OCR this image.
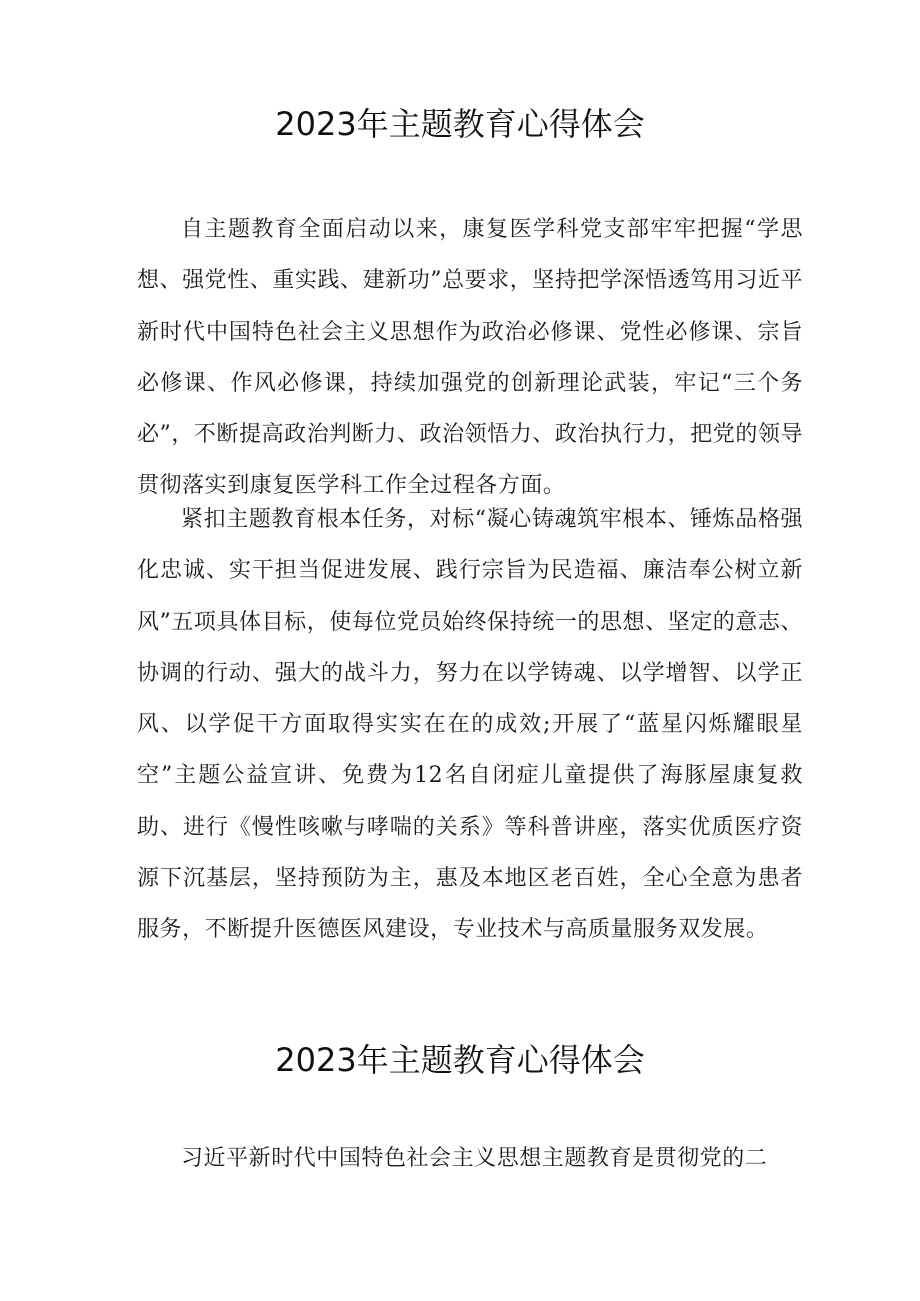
2023年主题教育心得体会

自主题教育全面启动以来，康复医学科党支部牢牢把握“学思想、强党性、重实践、建新功”总要求，坚持把学深悟透笃用习近平新时代中国特色社会主义思想作为政治必修课、党性必修课、宗旨必修课、作风必修课，持续加强党的创新理论武装，牢记“三个务必”，不断提高政治判断力、政治领悟力、政治执行力，把党的领导贯彻落实到康复医学科工作全过程各方面。

紧扣主题教育根本任务，对标“凝心铸魂筑牢根本、锤炼品格强化忠诚、实干担当促进发展、践行宗旨为民造福、廉洁奉公树立新风”五项具体目标，使每位党员始终保持统一的思想、坚定的意志、协调的行动、强大的战斗力，努力在以学铸魂、以学增智、以学正风、以学促干方面取得实实在在的成效;开展了“蓝星闪烁耀眼星空”主题公益宣讲、免费为12名自闭症儿童提供了海豚屋康复救助、进行《慢性咳嗽与哮喘的关系》等科普讲座，落实优质医疗资源下沉基层，坚持预防为主，惠及本地区老百姓，全心全意为患者服务，不断提升医德医风建设，专业技术与高质量服务双发展。

2023年主题教育心得体会

习近平新时代中国特色社会主义思想主题教育是贯彻党的二
